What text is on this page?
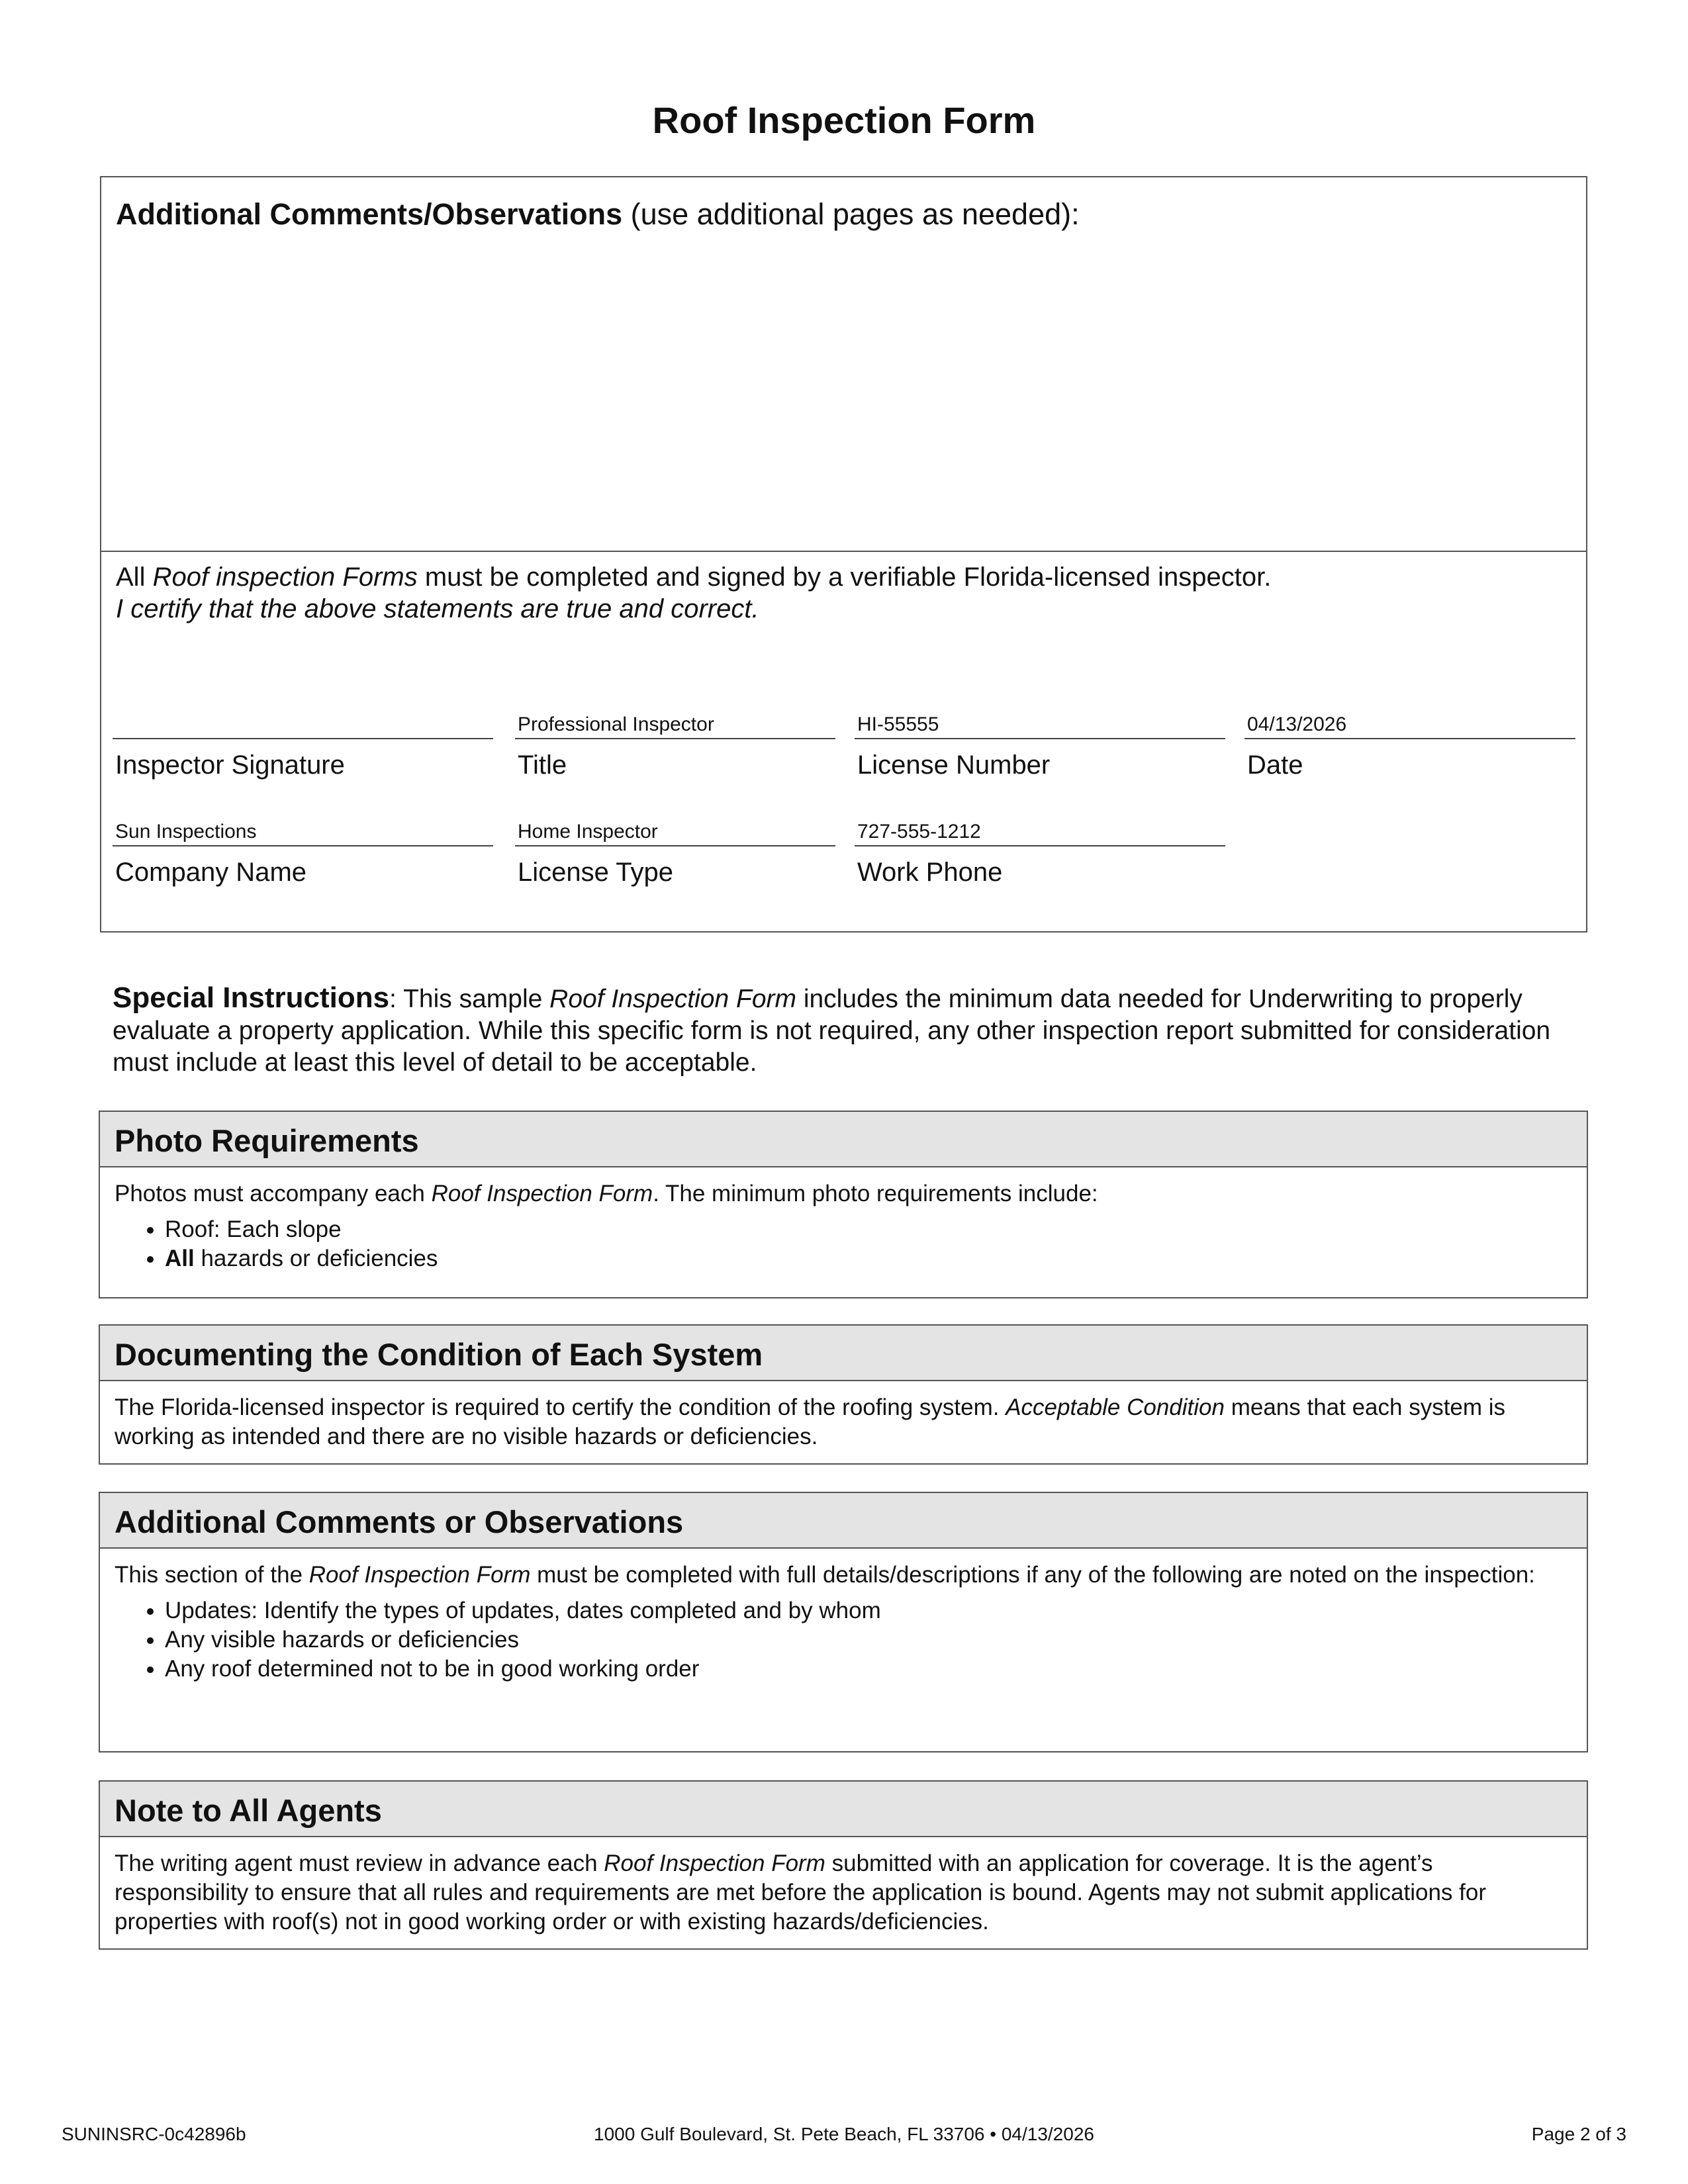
Roof Inspection Form
Additional Comments/Observations (use additional pages as needed):
All Roof inspection Forms must be completed and signed by a verifiable Florida-licensed inspector.
I certify that the above statements are true and correct.
Inspector Signature
Professional Inspector
Title
HI-55555
License Number
04/13/2026
Date
Sun Inspections
Company Name
Home Inspector
License Type
727-555-1212
Work Phone
Special Instructions: This sample Roof Inspection Form includes the minimum data needed for Underwriting to properly evaluate a property application. While this specific form is not required, any other inspection report submitted for consideration must include at least this level of detail to be acceptable.
Photo Requirements
Photos must accompany each Roof Inspection Form. The minimum photo requirements include:
• Roof: Each slope
• All hazards or deficiencies
Documenting the Condition of Each System
The Florida-licensed inspector is required to certify the condition of the roofing system. Acceptable Condition means that each system is working as intended and there are no visible hazards or deficiencies.
Additional Comments or Observations
This section of the Roof Inspection Form must be completed with full details/descriptions if any of the following are noted on the inspection:
• Updates: Identify the types of updates, dates completed and by whom
• Any visible hazards or deficiencies
• Any roof determined not to be in good working order
Note to All Agents
The writing agent must review in advance each Roof Inspection Form submitted with an application for coverage. It is the agent’s responsibility to ensure that all rules and requirements are met before the application is bound. Agents may not submit applications for properties with roof(s) not in good working order or with existing hazards/deficiencies.
SUNINSRC-0c42896b	1000 Gulf Boulevard, St. Pete Beach, FL 33706 • 04/13/2026	Page 2 of 3
